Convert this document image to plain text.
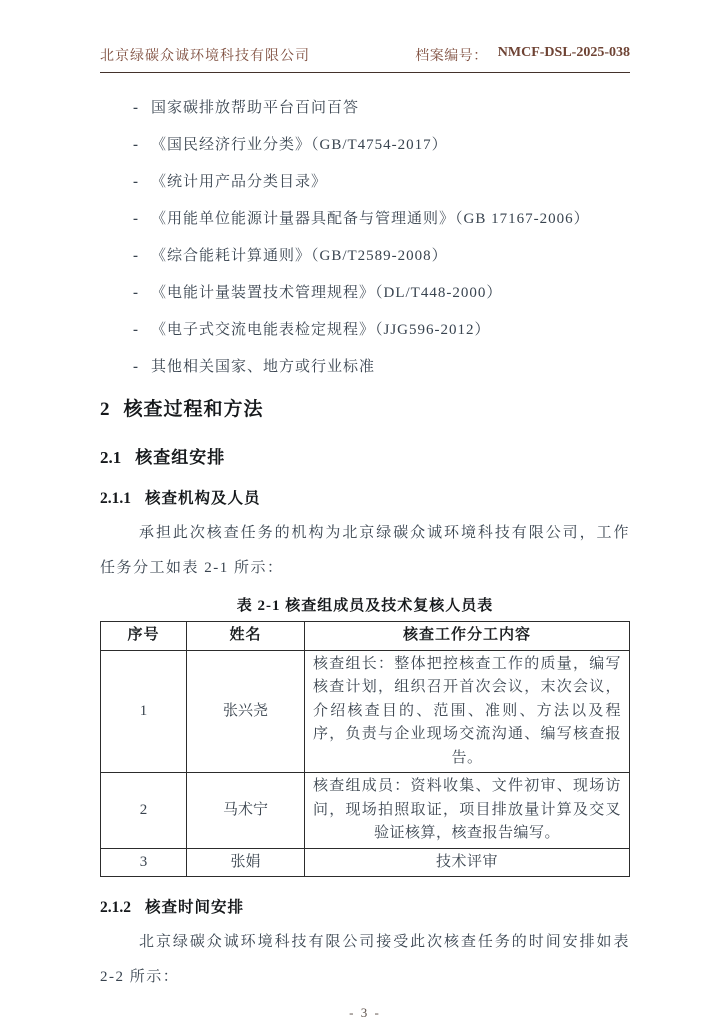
北京绿碳众诚环境科技有限公司	档案编号： NMCF-DSL-2025-038
- 国家碳排放帮助平台百问百答
- 《国民经济行业分类》（GB/T4754-2017）
- 《统计用产品分类目录》
- 《用能单位能源计量器具配备与管理通则》（GB 17167-2006）
- 《综合能耗计算通则》（GB/T2589-2008）
- 《电能计量装置技术管理规程》（DL/T448-2000）
- 《电子式交流电能表检定规程》（JJG596-2012）
- 其他相关国家、地方或行业标准
2 核查过程和方法
2.1 核查组安排
2.1.1 核查机构及人员

承担此次核查任务的机构为北京绿碳众诚环境科技有限公司，工作任务分工如表 2-1 所示：

表 2-1 核查组成员及技术复核人员表
序号	姓名	核查工作分工内容
1	张兴尧	核查组长：整体把控核查工作的质量，编写核查计划，组织召开首次会议，末次会议，介绍核查目的、范围、准则、方法以及程序，负责与企业现场交流沟通、编写核查报告。
2	马术宁	核查组成员：资料收集、文件初审、现场访问，现场拍照取证，项目排放量计算及交叉验证核算，核查报告编写。
3	张娟	技术评审
2.1.2 核查时间安排

北京绿碳众诚环境科技有限公司接受此次核查任务的时间安排如表 2-2 所示：

- 3 -
